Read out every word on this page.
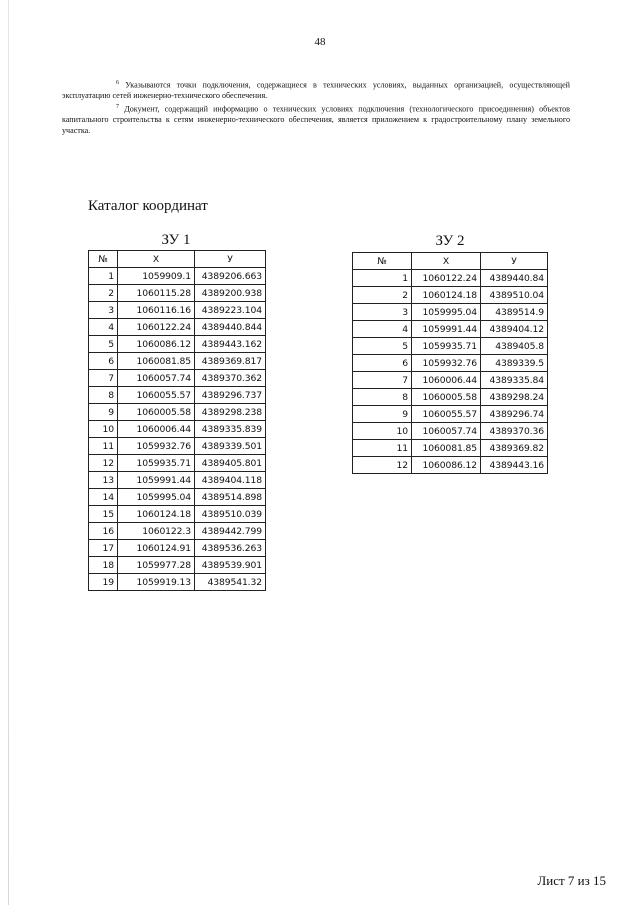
48

$^6$ Указываются точки подключения, содержащиеся в технических условиях, выданных организацией, осуществляющей эксплуатацию сетей инженерно-технического обеспечения.

$^7$ Документ, содержащий информацию о технических условиях подключения (технологического присоединения) объектов капитального строительства к сетям инженерно-технического обеспечения, является приложением к градостроительному плану земельного участка.

Каталог координат
ЗУ 1
№	X	У
1	1059909.1	4389206.663
2	1060115.28	4389200.938
3	1060116.16	4389223.104
4	1060122.24	4389440.844
5	1060086.12	4389443.162
6	1060081.85	4389369.817
7	1060057.74	4389370.362
8	1060055.57	4389296.737
9	1060005.58	4389298.238
10	1060006.44	4389335.839
11	1059932.76	4389339.501
12	1059935.71	4389405.801
13	1059991.44	4389404.118
14	1059995.04	4389514.898
15	1060124.18	4389510.039
16	1060122.3	4389442.799
17	1060124.91	4389536.263
18	1059977.28	4389539.901
19	1059919.13	4389541.32
ЗУ 2
№	X	У
1	1060122.24	4389440.84
2	1060124.18	4389510.04
3	1059995.04	4389514.9
4	1059991.44	4389404.12
5	1059935.71	4389405.8
6	1059932.76	4389339.5
7	1060006.44	4389335.84
8	1060005.58	4389298.24
9	1060055.57	4389296.74
10	1060057.74	4389370.36
11	1060081.85	4389369.82
12	1060086.12	4389443.16
Лист 7 из 15
